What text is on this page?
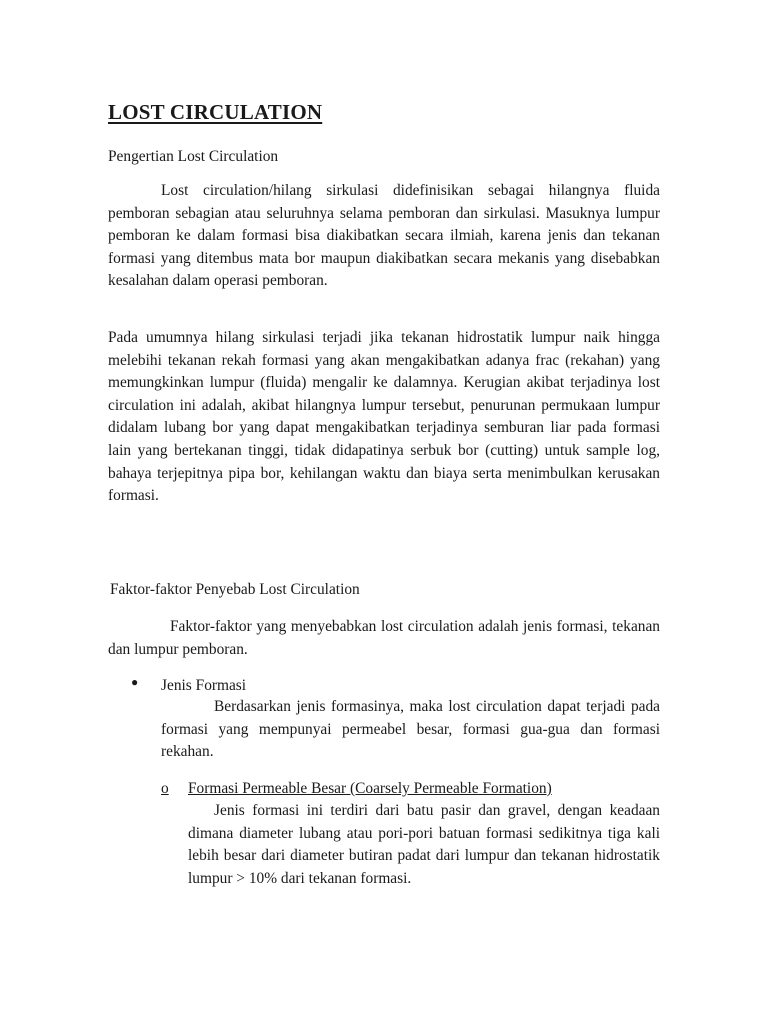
LOST CIRCULATION

Pengertian Lost Circulation

Lost circulation/hilang sirkulasi didefinisikan sebagai hilangnya fluida pemboran sebagian atau seluruhnya selama pemboran dan sirkulasi. Masuknya lumpur pemboran ke dalam formasi bisa diakibatkan secara ilmiah, karena jenis dan tekanan formasi yang ditembus mata bor maupun diakibatkan secara mekanis yang disebabkan kesalahan dalam operasi pemboran.

Pada umumnya hilang sirkulasi terjadi jika tekanan hidrostatik lumpur naik hingga melebihi tekanan rekah formasi yang akan mengakibatkan adanya frac (rekahan) yang memungkinkan lumpur (fluida) mengalir ke dalamnya. Kerugian akibat terjadinya lost circulation ini adalah, akibat hilangnya lumpur tersebut, penurunan permukaan lumpur didalam lubang bor yang dapat mengakibatkan terjadinya semburan liar pada formasi lain yang bertekanan tinggi, tidak didapatinya serbuk bor (cutting) untuk sample log, bahaya terjepitnya pipa bor, kehilangan waktu dan biaya serta menimbulkan kerusakan formasi.

Faktor-faktor Penyebab Lost Circulation

Faktor-faktor yang menyebabkan lost circulation adalah jenis formasi, tekanan dan lumpur pemboran.

● Jenis Formasi

Berdasarkan jenis formasinya, maka lost circulation dapat terjadi pada formasi yang mempunyai permeabel besar, formasi gua-gua dan formasi rekahan.

o Formasi Permeable Besar (Coarsely Permeable Formation)

Jenis formasi ini terdiri dari batu pasir dan gravel, dengan keadaan dimana diameter lubang atau pori-pori batuan formasi sedikitnya tiga kali lebih besar dari diameter butiran padat dari lumpur dan tekanan hidrostatik lumpur > 10% dari tekanan formasi.
